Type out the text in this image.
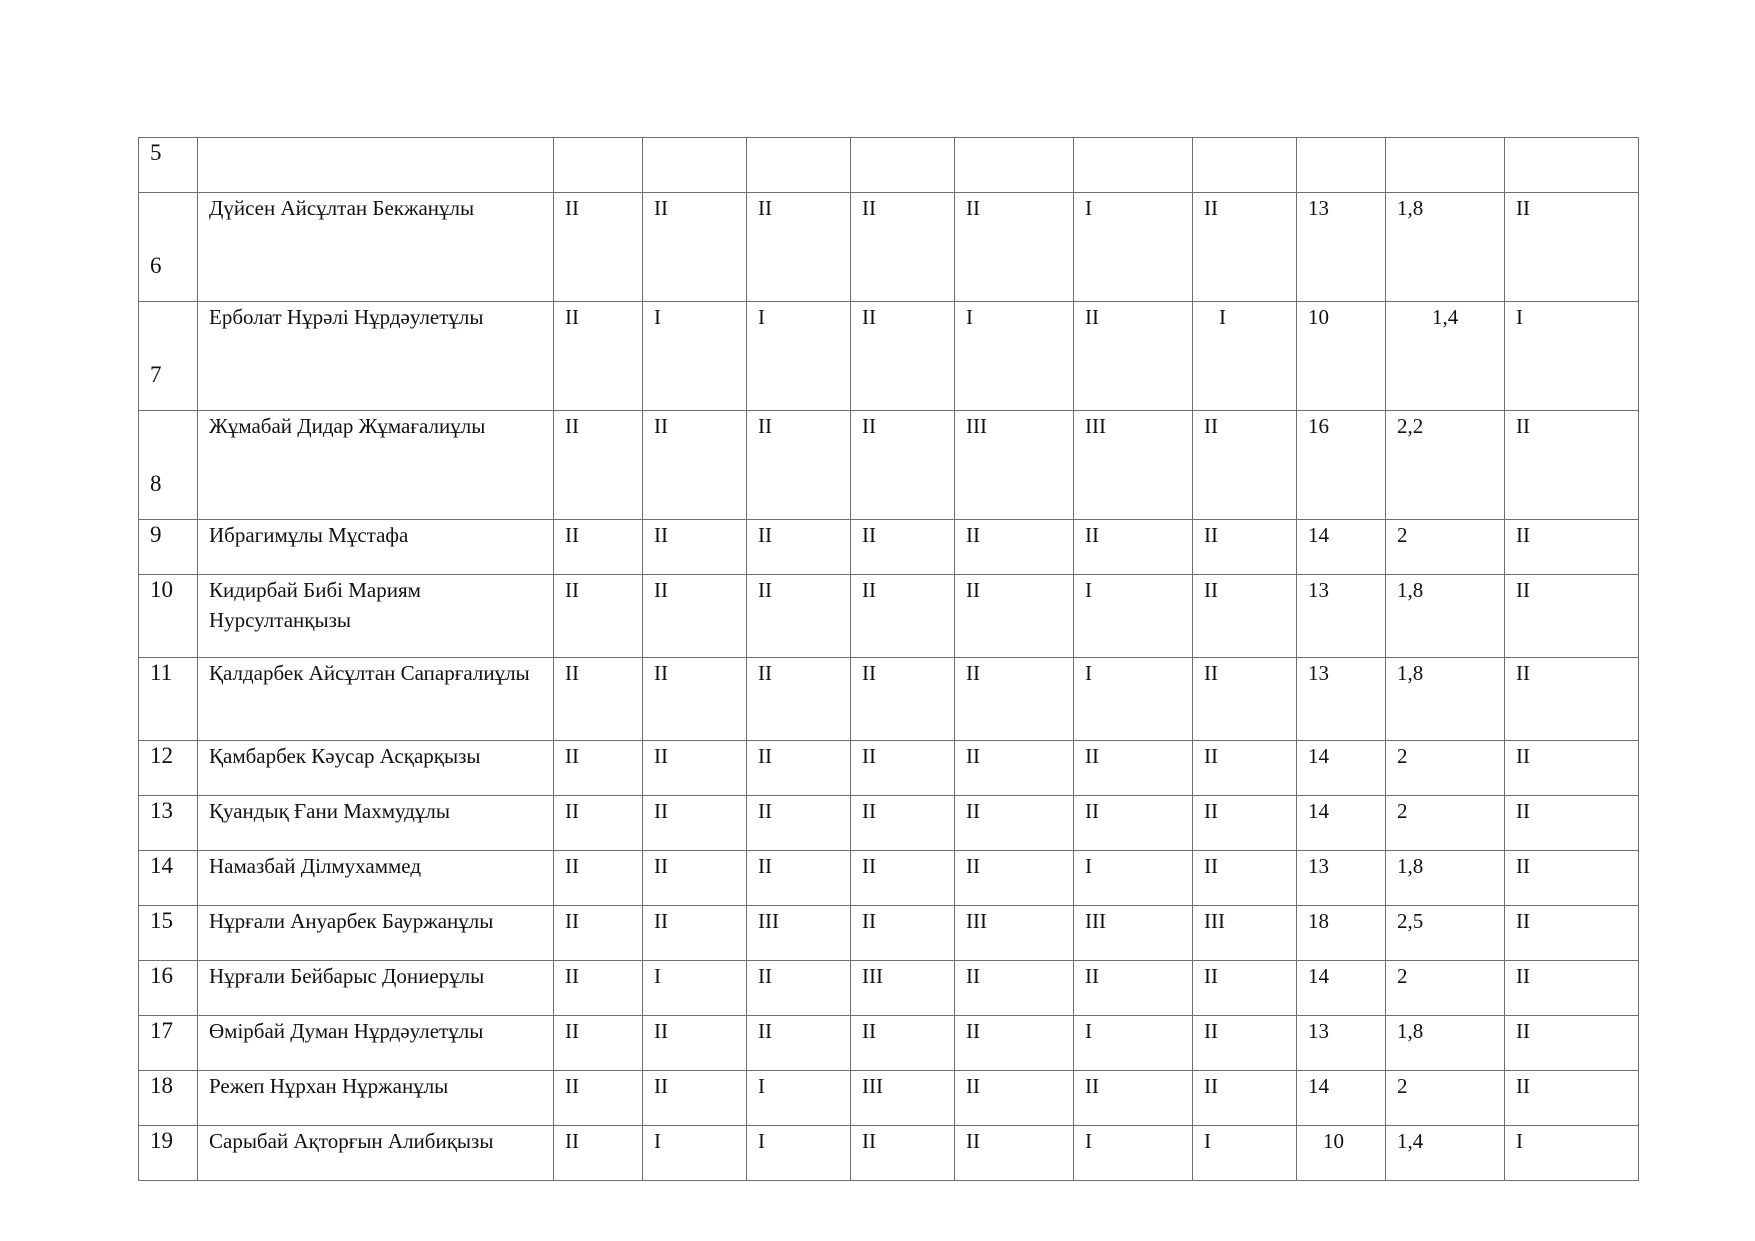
5											
6	Дүйсен Айсұлтан Бекжанұлы	II	II	II	II	II	I	II	13	1,8	II
7	Ерболат Нұрәлі Нұрдәулетұлы	II	I	I	II	I	II	I	10	1,4	I
8	Жұмабай Дидар Жұмағалиұлы	II	II	II	II	III	III	II	16	2,2	II
9	Ибрагимұлы Мұстафа	II	II	II	II	II	II	II	14	2	II
10	Кидирбай Бибі Мариям Нурсултанқызы	II	II	II	II	II	I	II	13	1,8	II
11	Қалдарбек Айсұлтан Сапарғалиұлы	II	II	II	II	II	I	II	13	1,8	II
12	Қамбарбек Кәусар Асқарқызы	II	II	II	II	II	II	II	14	2	II
13	Қуандық Ғани Махмудұлы	II	II	II	II	II	II	II	14	2	II
14	Намазбай Ділмухаммед	II	II	II	II	II	I	II	13	1,8	II
15	Нұрғали Ануарбек Бауржанұлы	II	II	III	II	III	III	III	18	2,5	II
16	Нұрғали Бейбарыс Дониерұлы	II	I	II	III	II	II	II	14	2	II
17	Өмірбай Думан Нұрдәулетұлы	II	II	II	II	II	I	II	13	1,8	II
18	Режеп Нұрхан Нұржанұлы	II	II	I	III	II	II	II	14	2	II
19	Сарыбай Ақторғын Алибиқызы	II	I	I	II	II	I	I	10	1,4	I
